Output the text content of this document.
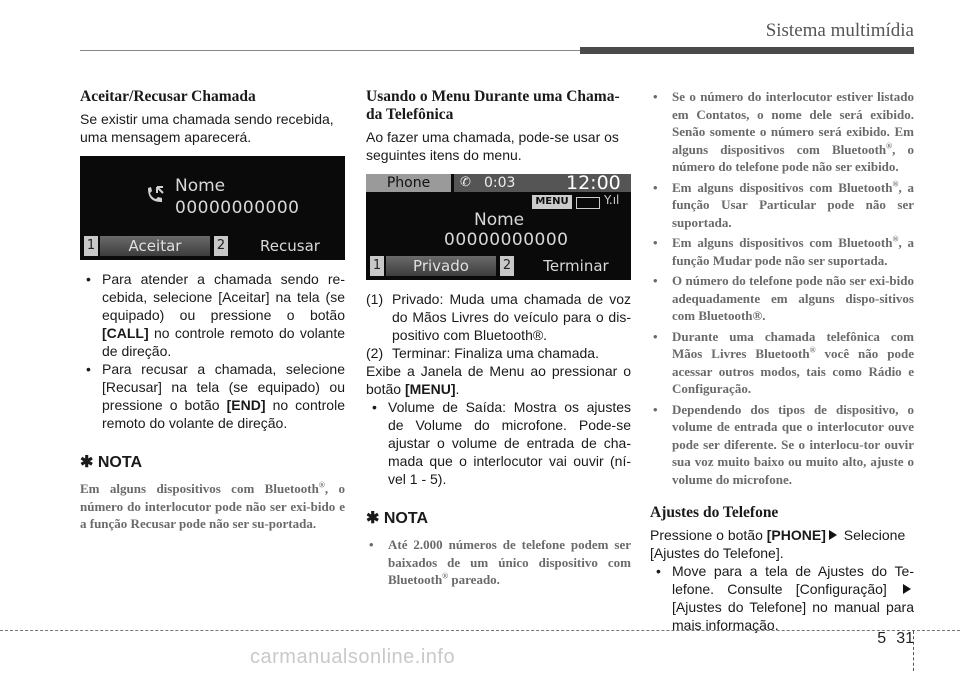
Sistema multimídia
Aceitar/Recusar Chamada

Se existir uma chamada sendo recebida, uma mensagem aparecerá.

Nome
00000000000
1	Aceitar	2	Recusar
• Para atender a chamada sendo re-cebida, selecione [Aceitar] na tela (se equipado) ou pressione o botão [CALL] no controle remoto do volante de direção.
• Para recusar a chamada, selecione [Recusar] na tela (se equipado) ou pressione o botão [END] no controle remoto do volante de direção.
✱ NOTA
Em alguns dispositivos com Bluetooth®, o número do interlocutor pode não ser exi-bido e a função Recusar pode não ser su-portada.
Usando o Menu Durante uma Chama-da Telefônica

Ao fazer uma chamada, pode-se usar os seguintes itens do menu.

Phone	✆ 0:03	12:00
MENU	Y.ıl
Nome
00000000000
1	Privado	2	Terminar
(1) Privado: Muda uma chamada de voz do Mãos Livres do veículo para o dis-positivo com Bluetooth®.
(2) Terminar: Finaliza uma chamada.

Exibe a Janela de Menu ao pressionar o botão [MENU].

• Volume de Saída: Mostra os ajustes de Volume do microfone. Pode-se ajustar o volume de entrada de cha-mada que o interlocutor vai ouvir (ní-vel 1 - 5).
✱ NOTA
• Até 2.000 números de telefone podem ser baixados de um único dispositivo com Bluetooth® pareado.
• Se o número do interlocutor estiver listado em Contatos, o nome dele será exibido. Senão somente o número será exibido. Em alguns dispositivos com Bluetooth®, o número do telefone pode não ser exibido.
• Em alguns dispositivos com Bluetooth®, a função Usar Particular pode não ser suportada.
• Em alguns dispositivos com Bluetooth®, a função Mudar pode não ser suportada.
• O número do telefone pode não ser exi-bido adequadamente em alguns dispo-sitivos com Bluetooth®.
• Durante uma chamada telefônica com Mãos Livres Bluetooth® você não pode acessar outros modos, tais como Rádio e Configuração.
• Dependendo dos tipos de dispositivo, o volume de entrada que o interlocutor ouve pode ser diferente. Se o interlocu-tor ouvir sua voz muito baixo ou muito alto, ajuste o volume do microfone.
Ajustes do Telefone

Pressione o botão [PHONE] Selecione [Ajustes do Telefone].

• Move para a tela de Ajustes do Te-lefone. Consulte [Configuração] [Ajustes do Telefone] no manual para mais informação.
5 31
carmanualsonline.info
